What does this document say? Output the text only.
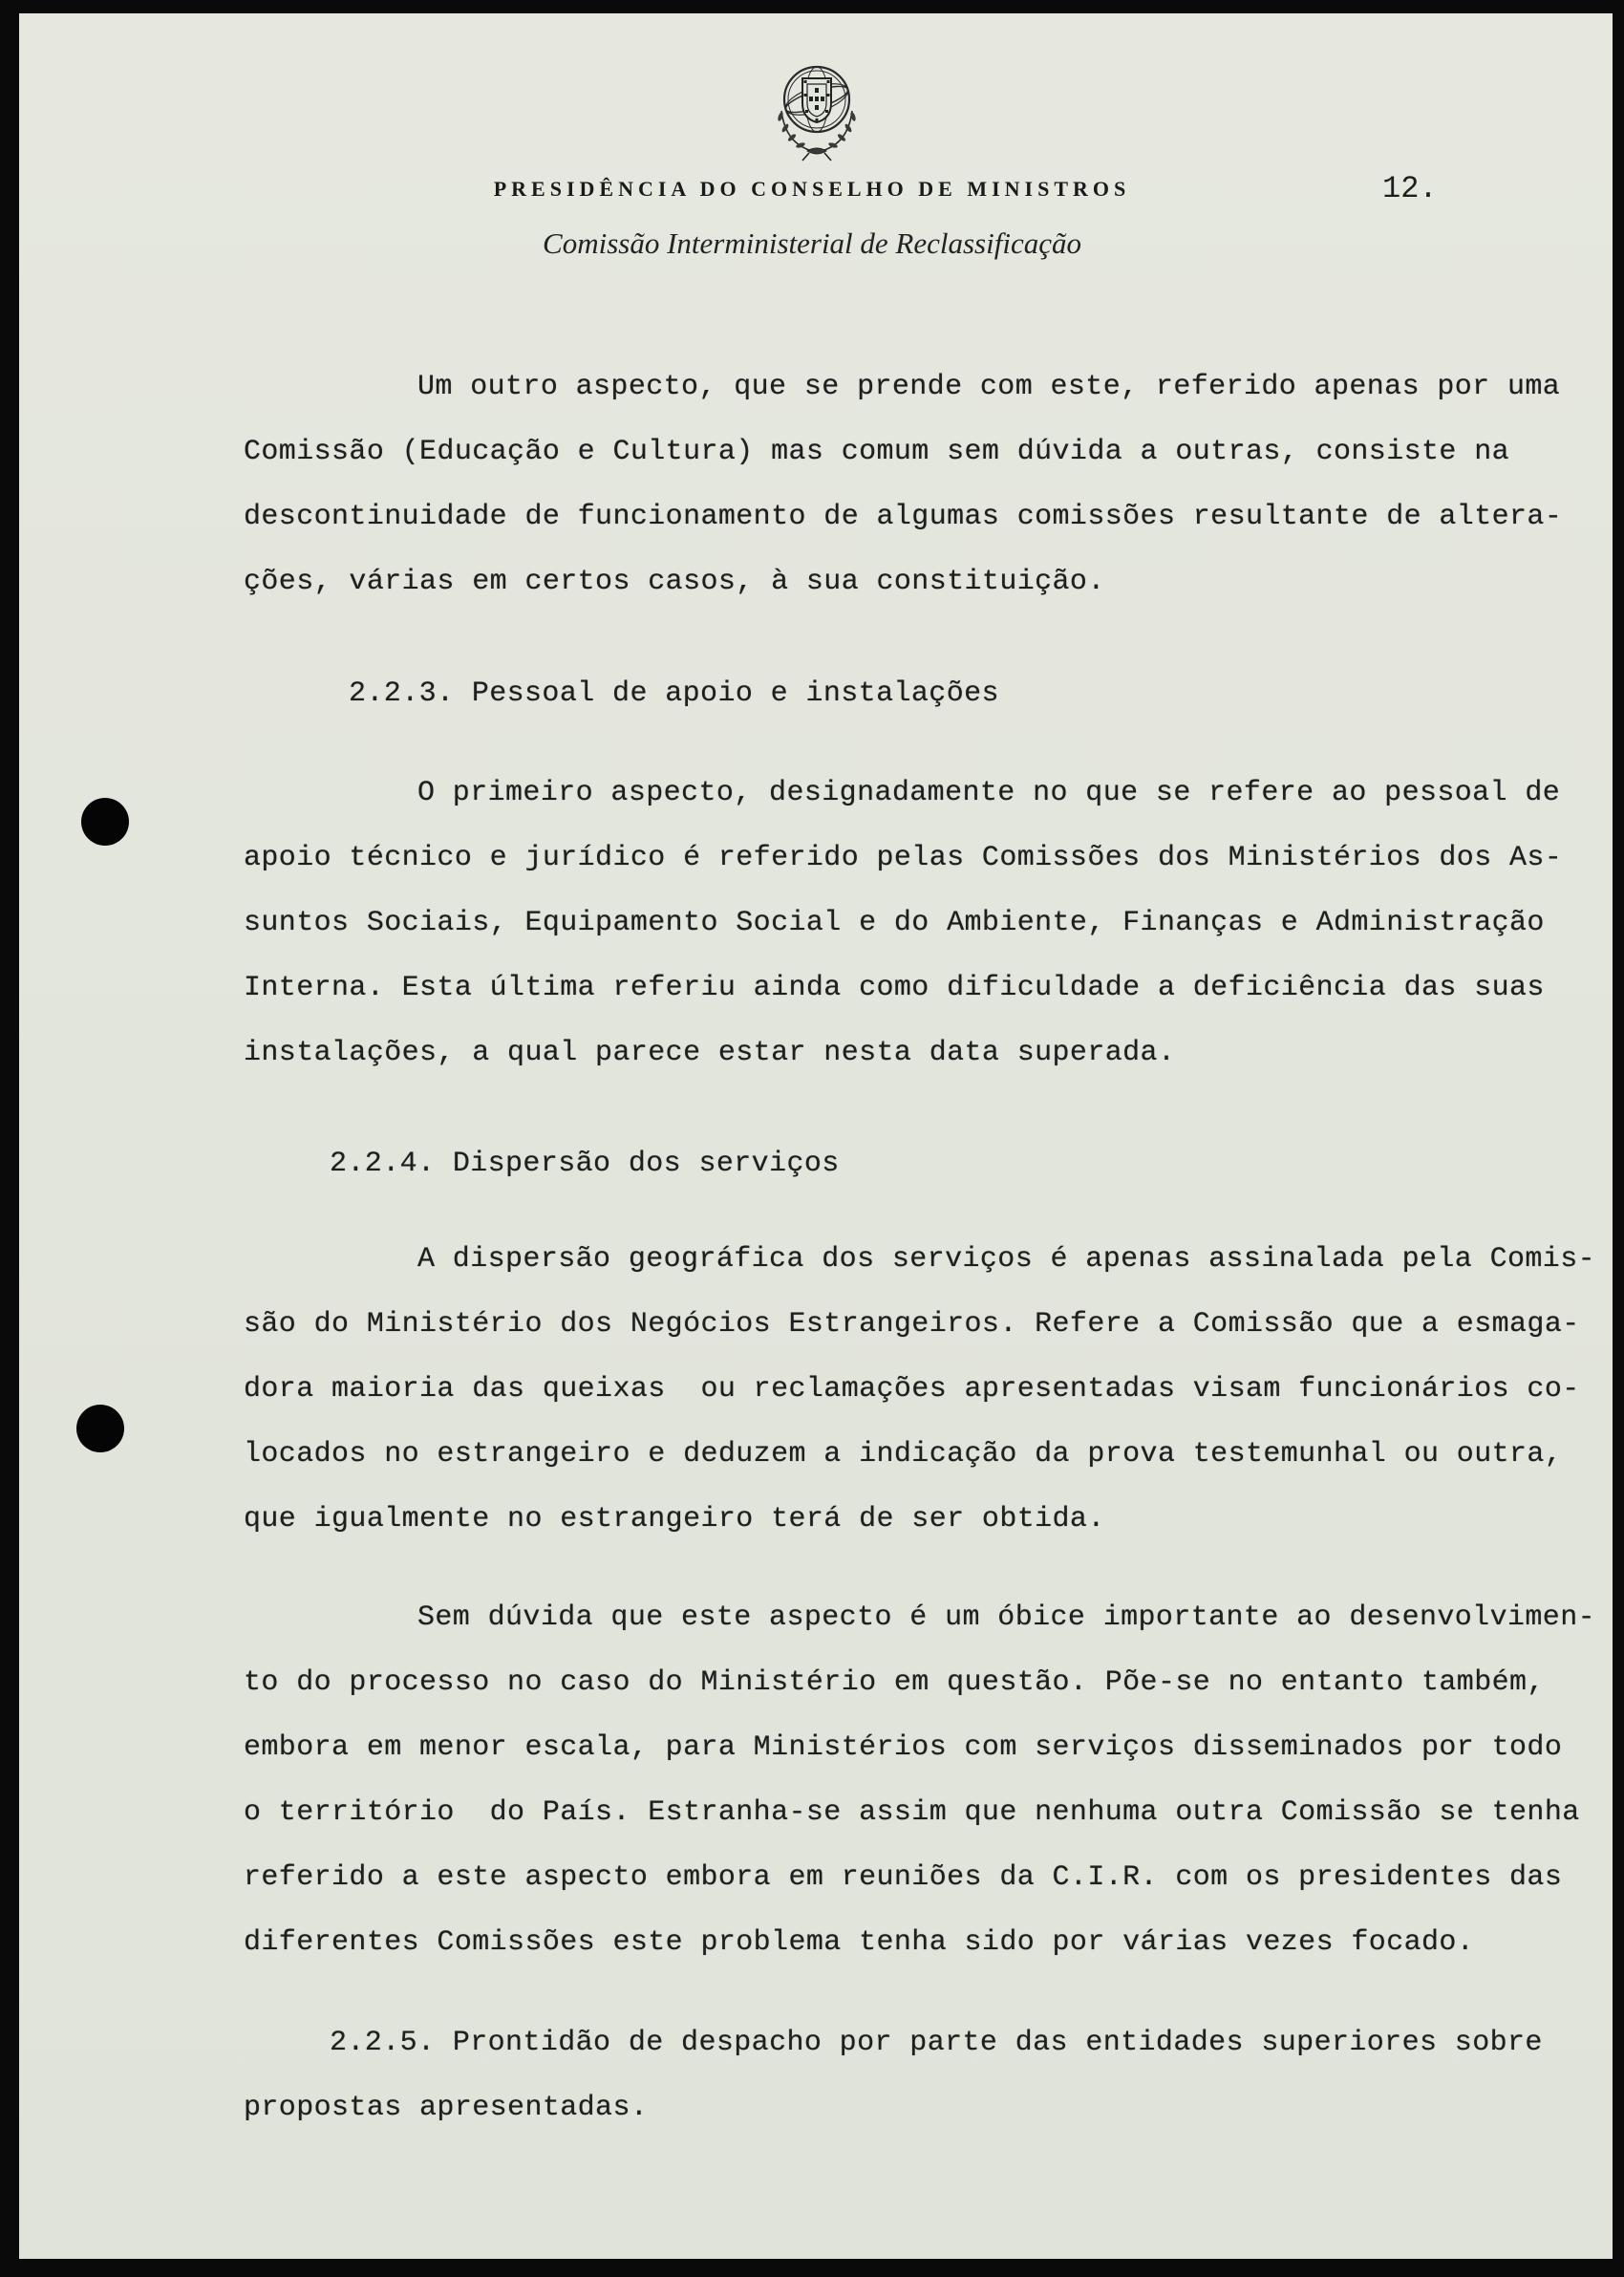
PRESIDÊNCIA DO CONSELHO DE MINISTROS	12.
Comissão Interministerial de Reclassificação
Um outro aspecto, que se prende com este, referido apenas por uma
Comissão (Educação e Cultura) mas comum sem dúvida a outras, consiste na
descontinuidade de funcionamento de algumas comissões resultante de altera-
ções, várias em certos casos, à sua constituição.
2.2.3. Pessoal de apoio e instalações
O primeiro aspecto, designadamente no que se refere ao pessoal de
apoio técnico e jurídico é referido pelas Comissões dos Ministérios dos As-
suntos Sociais, Equipamento Social e do Ambiente, Finanças e Administração
Interna. Esta última referiu ainda como dificuldade a deficiência das suas
instalações, a qual parece estar nesta data superada.
2.2.4. Dispersão dos serviços
A dispersão geográfica dos serviços é apenas assinalada pela Comis-
são do Ministério dos Negócios Estrangeiros. Refere a Comissão que a esmaga-
dora maioria das queixas  ou reclamações apresentadas visam funcionários co-
locados no estrangeiro e deduzem a indicação da prova testemunhal ou outra,
que igualmente no estrangeiro terá de ser obtida.
Sem dúvida que este aspecto é um óbice importante ao desenvolvimen-
to do processo no caso do Ministério em questão. Põe-se no entanto também,
embora em menor escala, para Ministérios com serviços disseminados por todo
o território  do País. Estranha-se assim que nenhuma outra Comissão se tenha
referido a este aspecto embora em reuniões da C.I.R. com os presidentes das
diferentes Comissões este problema tenha sido por várias vezes focado.
2.2.5. Prontidão de despacho por parte das entidades superiores sobre
propostas apresentadas.
